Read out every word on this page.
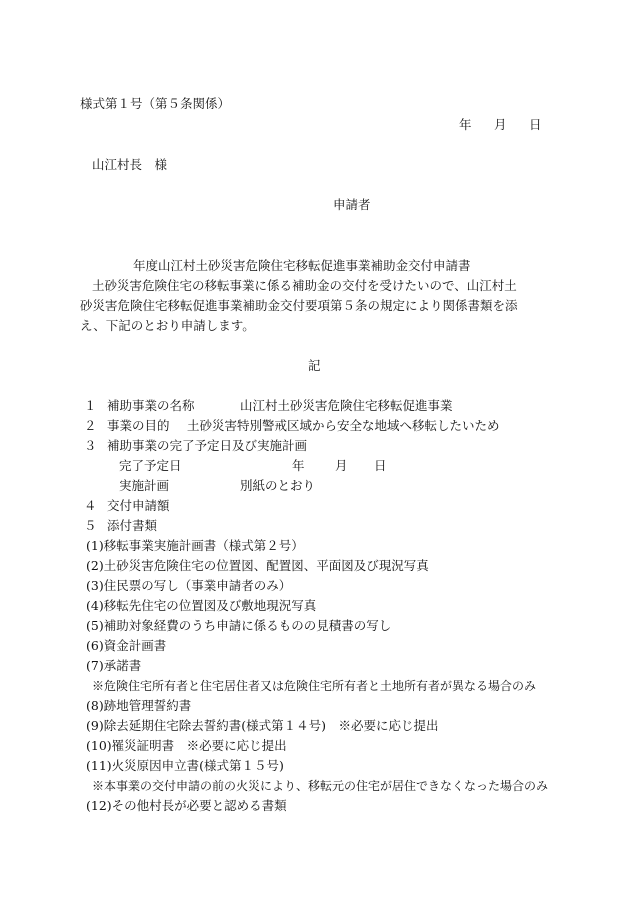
様式第１号（第５条関係）
年 月 日
山江村長　様
申請者
年度山江村土砂災害危険住宅移転促進事業補助金交付申請書
土砂災害危険住宅の移転事業に係る補助金の交付を受けたいので、山江村土
砂災害危険住宅移転促進事業補助金交付要項第５条の規定により関係書類を添
え、下記のとおり申請します。
記
１ 補助事業の名称	山江村土砂災害危険住宅移転促進事業
２ 事業の目的 土砂災害特別警戒区域から安全な地域へ移転したいため
３ 補助事業の完了予定日及び実施計画
完了予定日	年 月 日
実施計画	別紙のとおり
４ 交付申請額
５ 添付書類
(1)移転事業実施計画書（様式第２号）
(2)土砂災害危険住宅の位置図、配置図、平面図及び現況写真
(3)住民票の写し（事業申請者のみ）
(4)移転先住宅の位置図及び敷地現況写真
(5)補助対象経費のうち申請に係るものの見積書の写し
(6)資金計画書
(7)承諾書
※危険住宅所有者と住宅居住者又は危険住宅所有者と土地所有者が異なる場合のみ
(8)跡地管理誓約書
(9)除去延期住宅除去誓約書(様式第１４号)　※必要に応じ提出
(10)罹災証明書　※必要に応じ提出
(11)火災原因申立書(様式第１５号)
※本事業の交付申請の前の火災により、移転元の住宅が居住できなくなった場合のみ
(12)その他村長が必要と認める書類
